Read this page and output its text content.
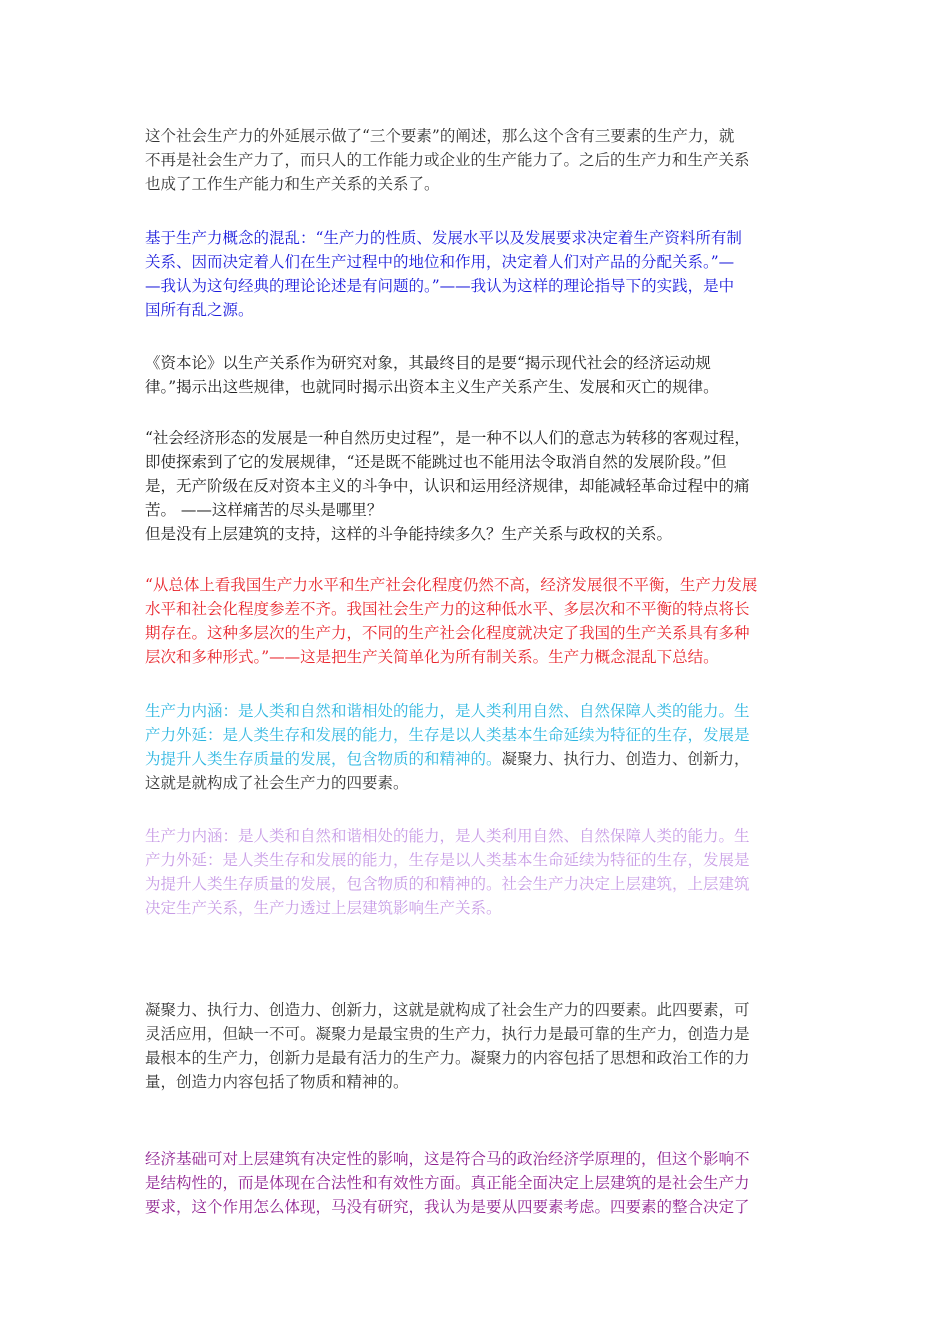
这个社会生产力的外延展示做了“三个要素”的阐述，那么这个含有三要素的生产力，就
不再是社会生产力了，而只人的工作能力或企业的生产能力了。之后的生产力和生产关系
也成了工作生产能力和生产关系的关系了。

基于生产力概念的混乱：“生产力的性质、发展水平以及发展要求决定着生产资料所有制
关系、因而决定着人们在生产过程中的地位和作用，决定着人们对产品的分配关系。”—
—我认为这句经典的理论论述是有问题的。”——我认为这样的理论指导下的实践，是中
国所有乱之源。

《资本论》以生产关系作为研究对象，其最终目的是要“揭示现代社会的经济运动规
律。”揭示出这些规律，也就同时揭示出资本主义生产关系产生、发展和灭亡的规律。

“社会经济形态的发展是一种自然历史过程”，是一种不以人们的意志为转移的客观过程，
即使探索到了它的发展规律，“还是既不能跳过也不能用法令取消自然的发展阶段。”但
是，无产阶级在反对资本主义的斗争中，认识和运用经济规律，却能减轻革命过程中的痛
苦。 ——这样痛苦的尽头是哪里？
但是没有上层建筑的支持，这样的斗争能持续多久？生产关系与政权的关系。

“从总体上看我国生产力水平和生产社会化程度仍然不高，经济发展很不平衡，生产力发展
水平和社会化程度参差不齐。我国社会生产力的这种低水平、多层次和不平衡的特点将长
期存在。这种多层次的生产力，不同的生产社会化程度就决定了我国的生产关系具有多种
层次和多种形式。”——这是把生产关简单化为所有制关系。生产力概念混乱下总结。

生产力内涵：是人类和自然和谐相处的能力，是人类利用自然、自然保障人类的能力。生
产力外延：是人类生存和发展的能力，生存是以人类基本生命延续为特征的生存，发展是
为提升人类生存质量的发展，包含物质的和精神的。凝聚力、执行力、创造力、创新力，
这就是就构成了社会生产力的四要素。

生产力内涵：是人类和自然和谐相处的能力，是人类利用自然、自然保障人类的能力。生
产力外延：是人类生存和发展的能力，生存是以人类基本生命延续为特征的生存，发展是
为提升人类生存质量的发展，包含物质的和精神的。社会生产力决定上层建筑，上层建筑
决定生产关系，生产力透过上层建筑影响生产关系。

凝聚力、执行力、创造力、创新力，这就是就构成了社会生产力的四要素。此四要素，可
灵活应用，但缺一不可。凝聚力是最宝贵的生产力，执行力是最可靠的生产力，创造力是
最根本的生产力，创新力是最有活力的生产力。凝聚力的内容包括了思想和政治工作的力
量，创造力内容包括了物质和精神的。

经济基础可对上层建筑有决定性的影响，这是符合马的政治经济学原理的，但这个影响不
是结构性的，而是体现在合法性和有效性方面。真正能全面决定上层建筑的是社会生产力
要求，这个作用怎么体现，马没有研究，我认为是要从四要素考虑。四要素的整合决定了
